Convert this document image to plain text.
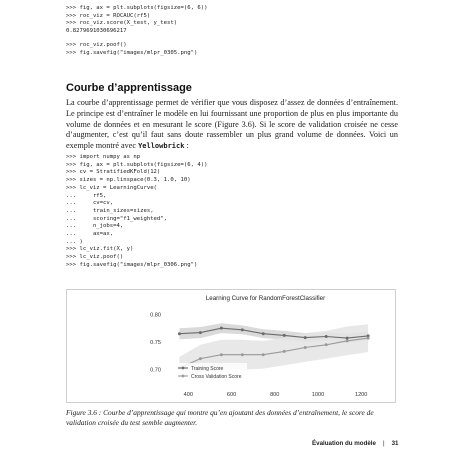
>>> fig, ax = plt.subplots(figsize=(6, 6))
>>> roc_viz = ROCAUC(rf5)
>>> roc_viz.score(X_test, y_test)
0.8279691030696217
>>> roc_viz.poof()
>>> fig.savefig("images/mlpr_0305.png")
Courbe d’apprentissage
La courbe d’apprentissage permet de vérifier que vous disposez d’assez de données d’entraînement. Le principe est d’entraîner le modèle en lui fournissant une proportion de plus en plus importante du volume de données et en mesurant le score (Figure 3.6). Si le score de validation croisée ne cesse d’augmenter, c’est qu’il faut sans doute rassembler un plus grand volume de données. Voici un exemple montré avec Yellowbrick :
>>> import numpy as np
>>> fig, ax = plt.subplots(figsize=(6, 4))
>>> cv = StratifiedKFold(12)
>>> sizes = np.linspace(0.3, 1.0, 10)
>>> lc_viz = LearningCurve(
...     rf5,
...     cv=cv,
...     train_sizes=sizes,
...     scoring="f1_weighted",
...     n_jobs=4,
...     ax=ax,
... )
>>> lc_viz.fit(X, y)
>>> lc_viz.poof()
>>> fig.savefig("images/mlpr_0306.png")
Learning Curve for RandomForestClassifier
0.70
0.75
0.80
400	600	800	1000	1200
Training Score
Cross Validation Score
Figure 3.6 : Courbe d’apprentissage qui montre qu’en ajoutant des données d’entraînement, le score de validation croisée du test semble augmenter.
Évaluation du modèle | 31
